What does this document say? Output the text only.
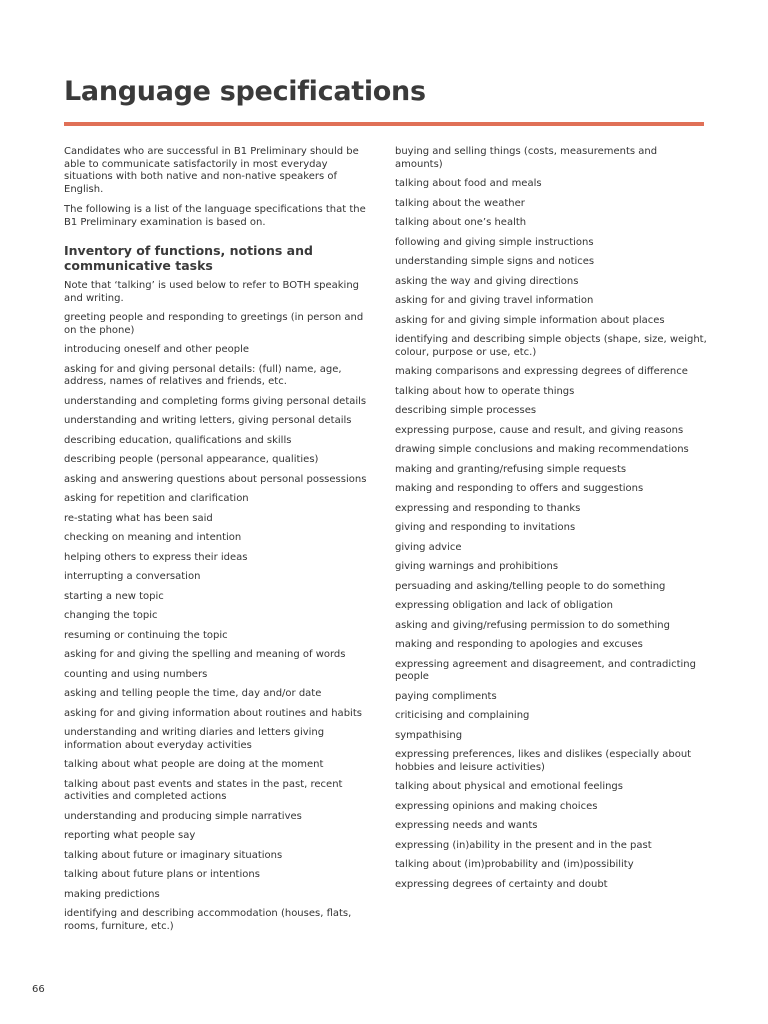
Language specifications

Candidates who are successful in B1 Preliminary should be able to communicate satisfactorily in most everyday situations with both native and non-native speakers of English.

The following is a list of the language specifications that the B1 Preliminary examination is based on.

Inventory of functions, notions and communicative tasks

Note that ‘talking’ is used below to refer to BOTH speaking and writing.

greeting people and responding to greetings (in person and on the phone)

introducing oneself and other people

asking for and giving personal details: (full) name, age, address, names of relatives and friends, etc.

understanding and completing forms giving personal details

understanding and writing letters, giving personal details

describing education, qualifications and skills

describing people (personal appearance, qualities)

asking and answering questions about personal possessions

asking for repetition and clarification

re-stating what has been said

checking on meaning and intention

helping others to express their ideas

interrupting a conversation

starting a new topic

changing the topic

resuming or continuing the topic

asking for and giving the spelling and meaning of words

counting and using numbers

asking and telling people the time, day and/or date

asking for and giving information about routines and habits

understanding and writing diaries and letters giving information about everyday activities

talking about what people are doing at the moment

talking about past events and states in the past, recent activities and completed actions

understanding and producing simple narratives

reporting what people say

talking about future or imaginary situations

talking about future plans or intentions

making predictions

identifying and describing accommodation (houses, flats, rooms, furniture, etc.)

buying and selling things (costs, measurements and amounts)

talking about food and meals

talking about the weather

talking about one’s health

following and giving simple instructions

understanding simple signs and notices

asking the way and giving directions

asking for and giving travel information

asking for and giving simple information about places

identifying and describing simple objects (shape, size, weight, colour, purpose or use, etc.)

making comparisons and expressing degrees of difference

talking about how to operate things

describing simple processes

expressing purpose, cause and result, and giving reasons

drawing simple conclusions and making recommendations

making and granting/refusing simple requests

making and responding to offers and suggestions

expressing and responding to thanks

giving and responding to invitations

giving advice

giving warnings and prohibitions

persuading and asking/telling people to do something

expressing obligation and lack of obligation

asking and giving/refusing permission to do something

making and responding to apologies and excuses

expressing agreement and disagreement, and contradicting people

paying compliments

criticising and complaining

sympathising

expressing preferences, likes and dislikes (especially about hobbies and leisure activities)

talking about physical and emotional feelings

expressing opinions and making choices

expressing needs and wants

expressing (in)ability in the present and in the past

talking about (im)probability and (im)possibility

expressing degrees of certainty and doubt

66
